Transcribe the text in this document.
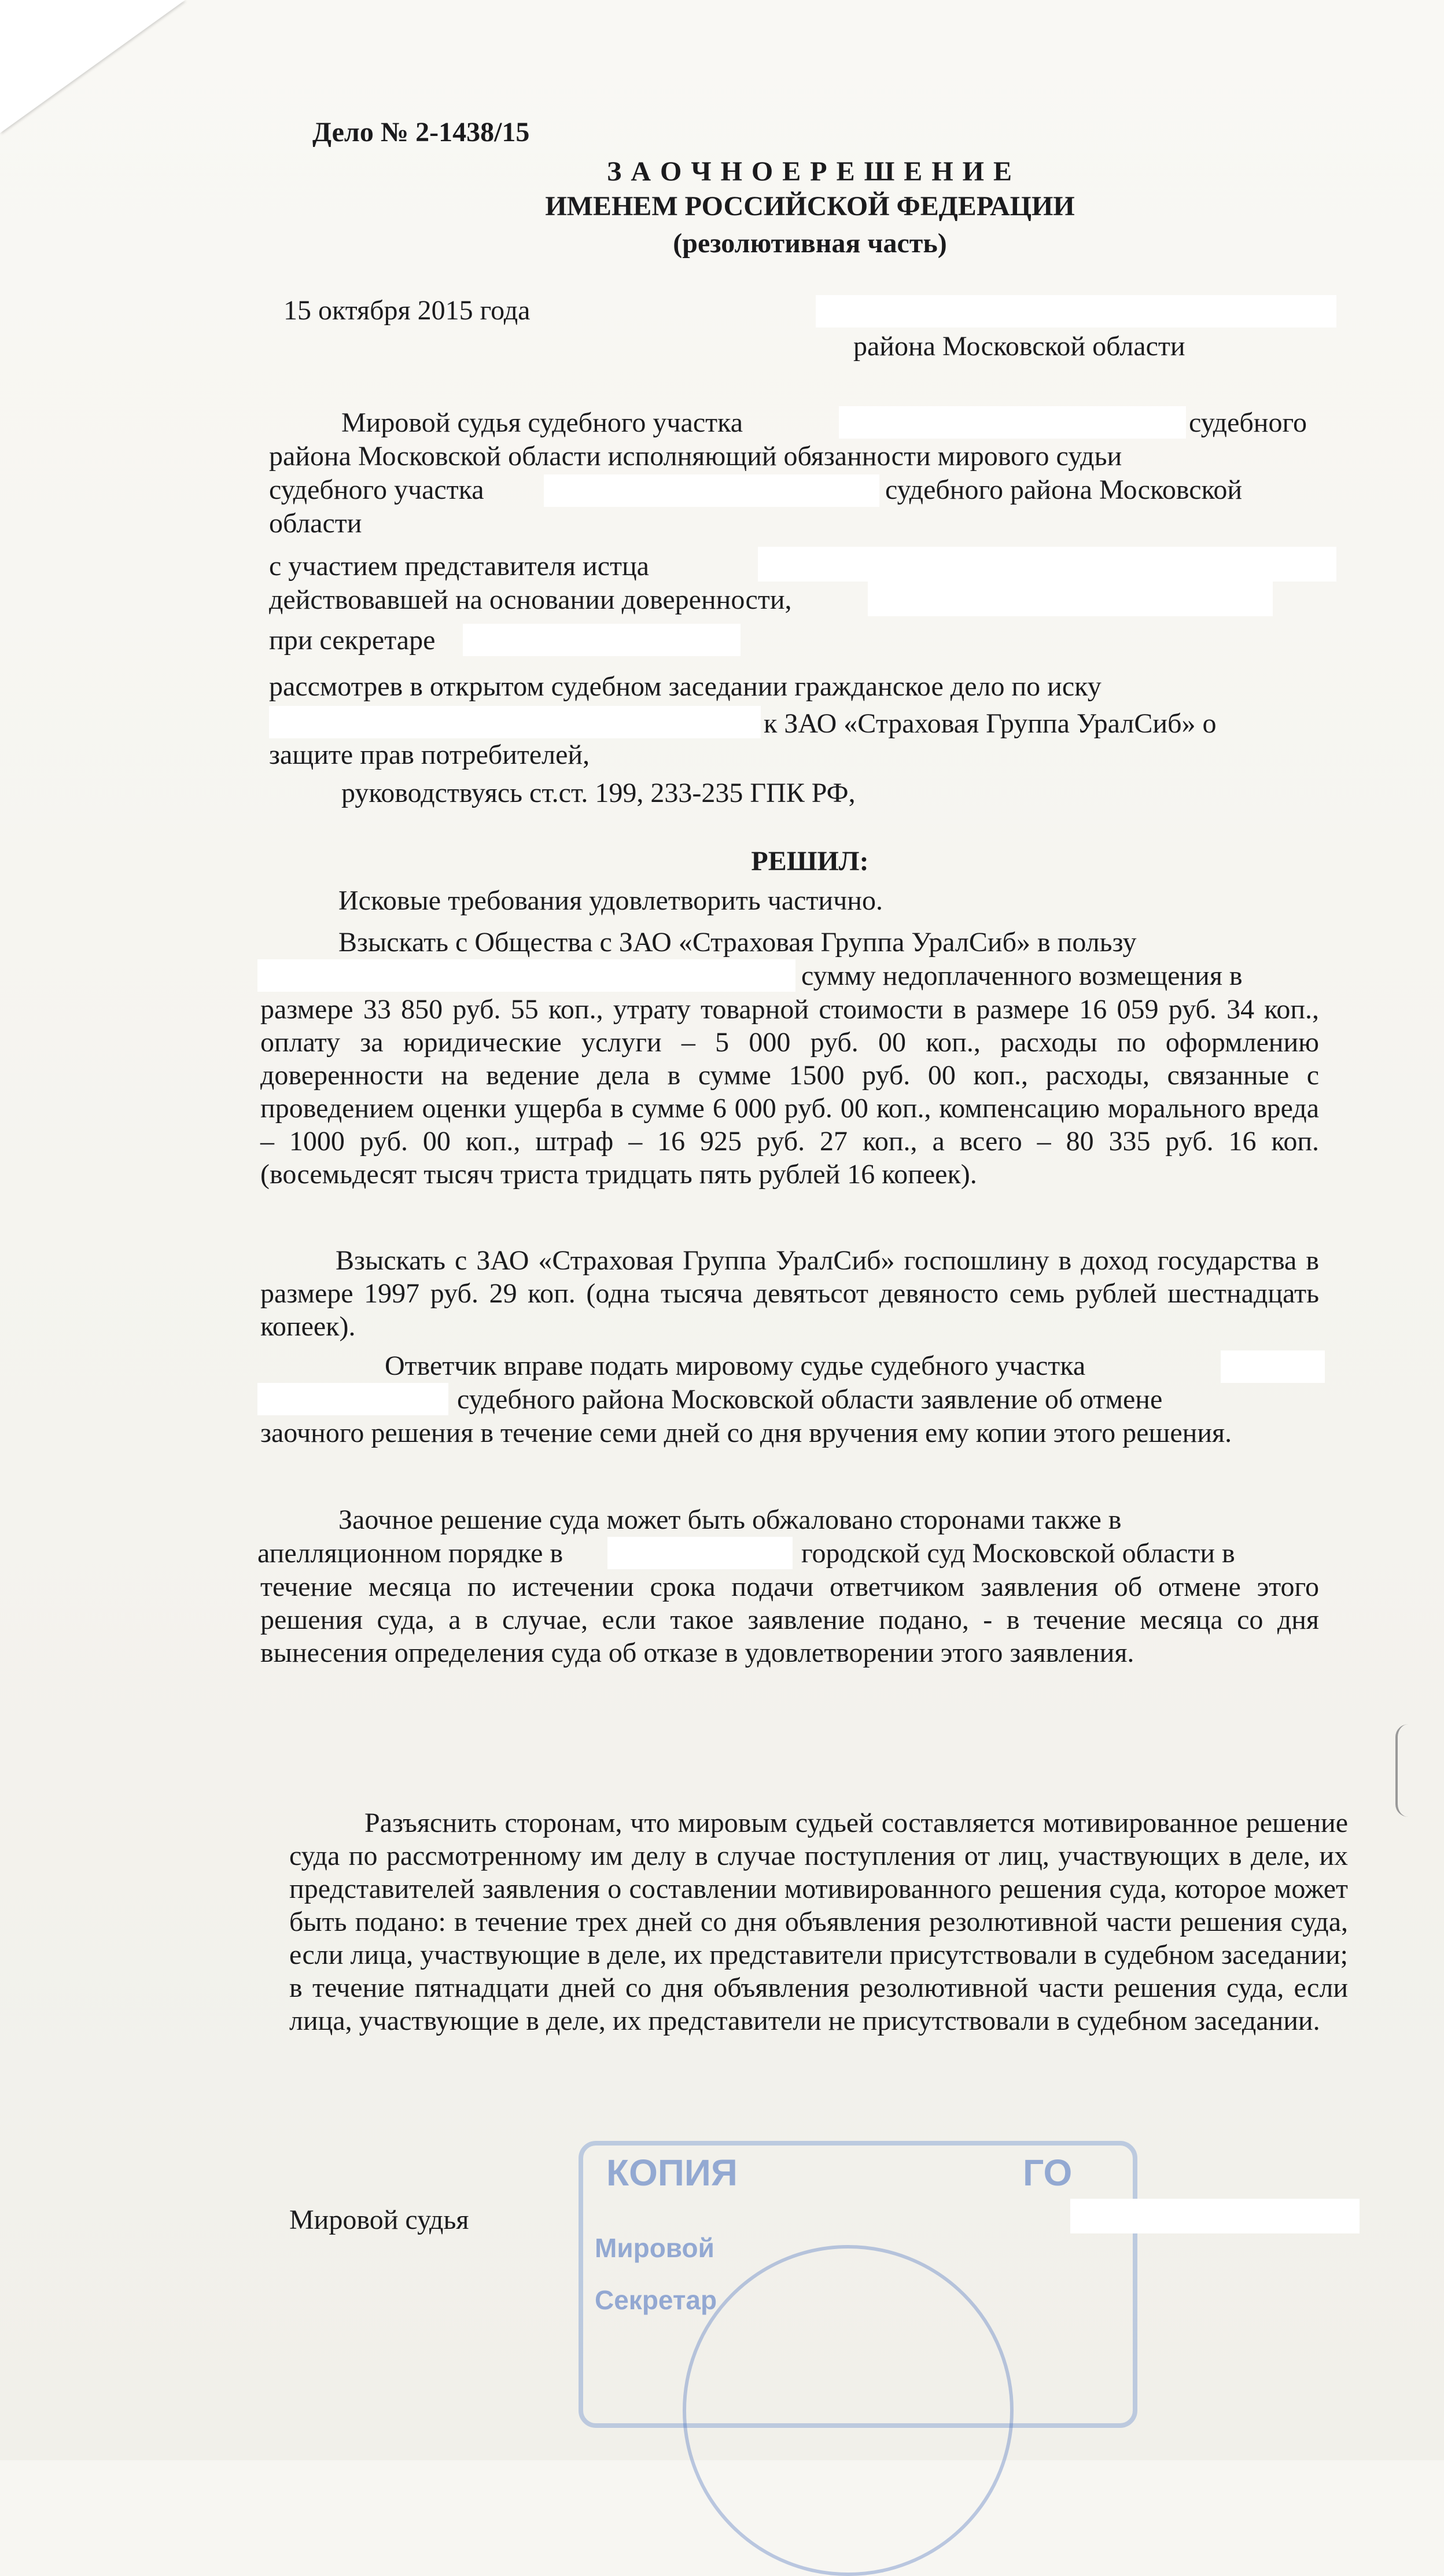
Дело № 2-1438/15

З А О Ч Н О Е Р Е Ш Е Н И Е

ИМЕНЕМ РОССИЙСКОЙ ФЕДЕРАЦИИ

(резолютивная часть)

15 октября 2015 года

района Московской области

Мировой судья судебного участка	судебного

района Московской области исполняющий обязанности мирового судьи

судебного участка	судебного района Московской

области

с участием представителя истца

действовавшей на основании доверенности,

при секретаре

рассмотрев в открытом судебном заседании гражданское дело по иску

к ЗАО «Страховая Группа УралСиб» о

защите прав потребителей,

руководствуясь ст.ст. 199, 233-235 ГПК РФ,

РЕШИЛ:

Исковые требования удовлетворить частично.

Взыскать с Общества с ЗАО «Страховая Группа УралСиб» в пользу

сумму недоплаченного возмещения в

размере 33 850 руб. 55 коп., утрату товарной стоимости в размере 16 059 руб. 34 коп., оплату за юридические услуги – 5 000 руб. 00 коп., расходы по оформлению доверенности на ведение дела в сумме 1500 руб. 00 коп., расходы, связанные с проведением оценки ущерба в сумме 6 000 руб. 00 коп., компенсацию морального вреда – 1000 руб. 00 коп., штраф – 16 925 руб. 27 коп., а всего – 80 335 руб. 16 коп. (восемьдесят тысяч триста тридцать пять рублей 16 копеек).

Взыскать с ЗАО «Страховая Группа УралСиб» госпошлину в доход государства в размере 1997 руб. 29 коп. (одна тысяча девятьсот девяносто семь рублей шестнадцать копеек).

Ответчик вправе подать мировому судье судебного участка

судебного района Московской области заявление об отмене

заочного решения в течение семи дней со дня вручения ему копии этого решения.

Заочное решение суда может быть обжаловано сторонами также в

апелляционном порядке в	городской суд Московской области в

течение месяца по истечении срока подачи ответчиком заявления об отмене этого решения суда, а в случае, если такое заявление подано, - в течение месяца со дня вынесения определения суда об отказе в удовлетворении этого заявления.

Разъяснить сторонам, что мировым судьей составляется мотивированное решение суда по рассмотренному им делу в случае поступления от лиц, участвующих в деле, их представителей заявления о составлении мотивированного решения суда, которое может быть подано: в течение трех дней со дня объявления резолютивной части решения суда, если лица, участвующие в деле, их представители присутствовали в судебном заседании; в течение пятнадцати дней со дня объявления резолютивной части решения суда, если лица, участвующие в деле, их представители не присутствовали в судебном заседании.

КОПИЯ	ГО
Мировой
Секретар

Мировой судья
